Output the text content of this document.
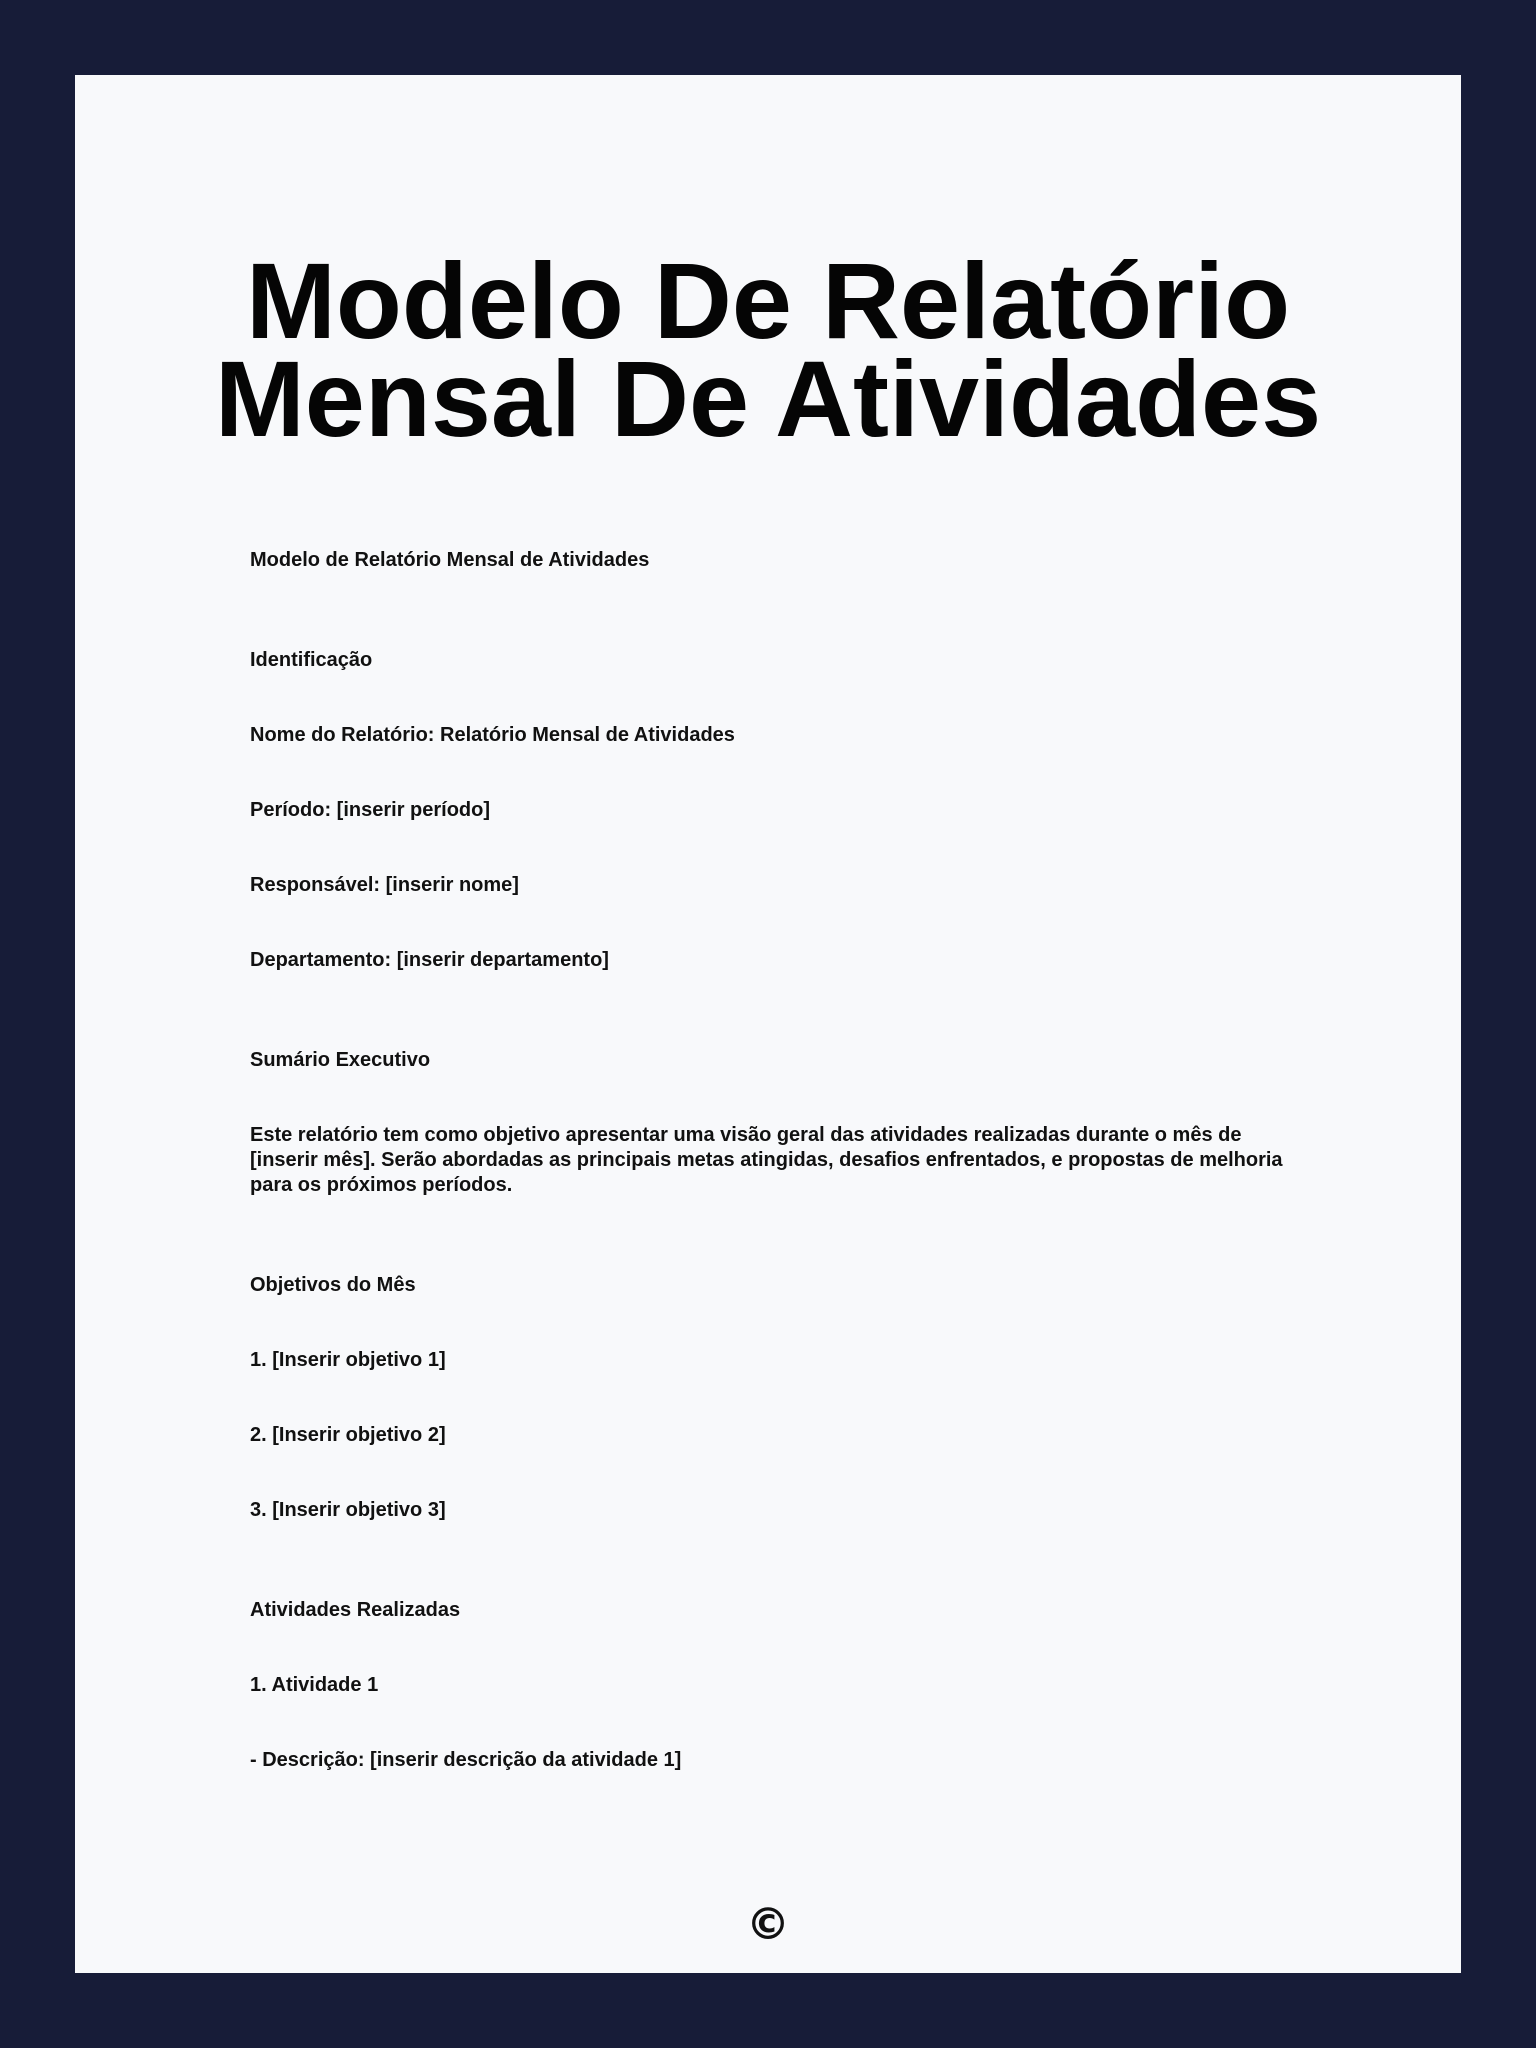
Modelo De Relatório Mensal De Atividades

Modelo de Relatório Mensal de Atividades

Identificação

Nome do Relatório: Relatório Mensal de Atividades

Período: [inserir período]

Responsável: [inserir nome]

Departamento: [inserir departamento]

Sumário Executivo

Este relatório tem como objetivo apresentar uma visão geral das atividades realizadas durante o mês de [inserir mês]. Serão abordadas as principais metas atingidas, desafios enfrentados, e propostas de melhoria para os próximos períodos.

Objetivos do Mês

1. [Inserir objetivo 1]

2. [Inserir objetivo 2]

3. [Inserir objetivo 3]

Atividades Realizadas

1. Atividade 1

- Descrição: [inserir descrição da atividade 1]

©
